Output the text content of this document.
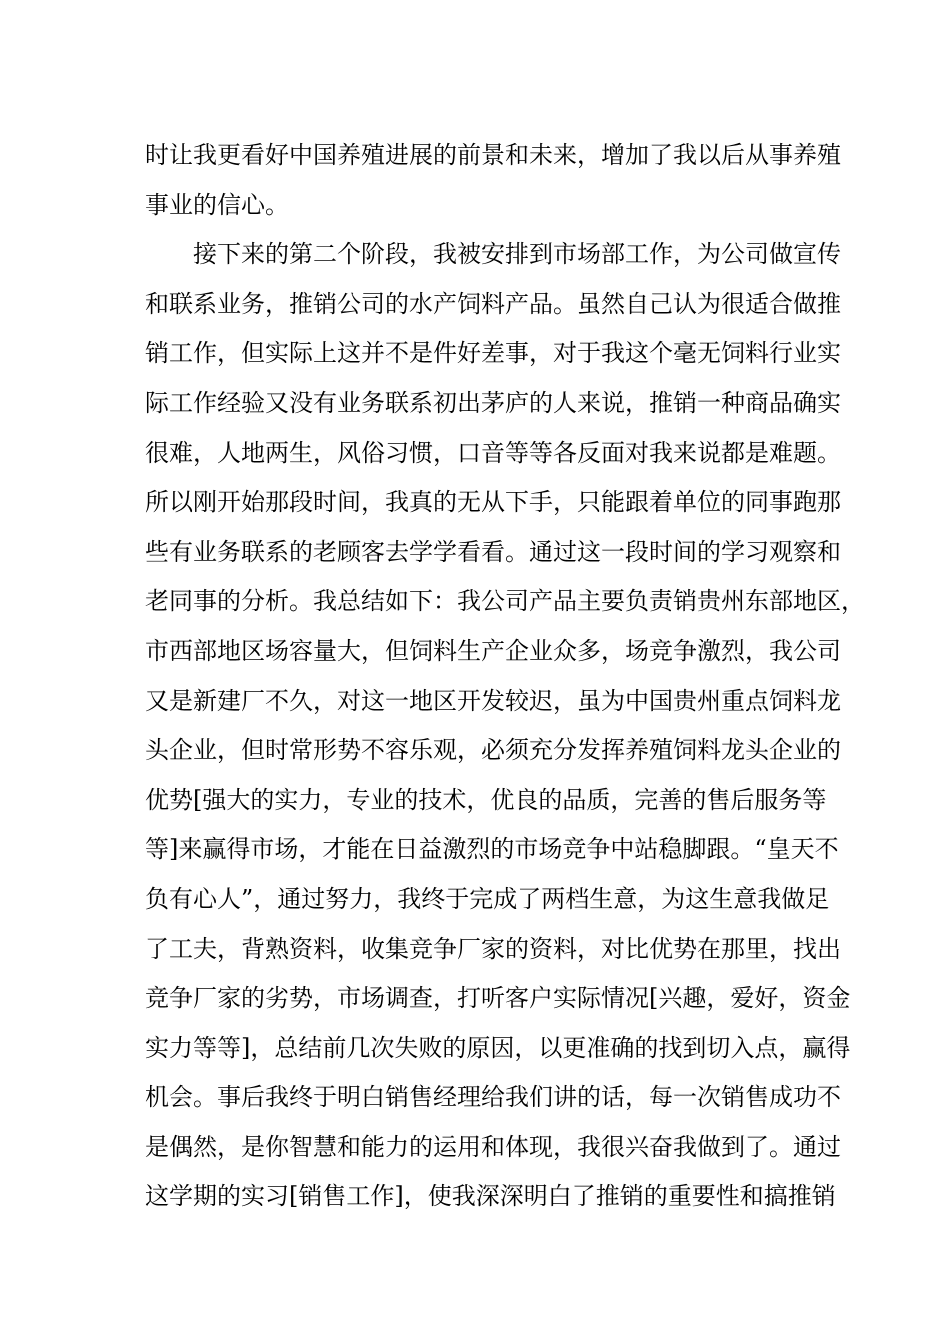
时让我更看好中国养殖进展的前景和未来，增加了我以后从事养殖
事业的信心。
接下来的第二个阶段，我被安排到市场部工作，为公司做宣传
和联系业务，推销公司的水产饲料产品。虽然自己认为很适合做推
销工作，但实际上这并不是件好差事，对于我这个毫无饲料行业实
际工作经验又没有业务联系初出茅庐的人来说，推销一种商品确实
很难，人地两生，风俗习惯，口音等等各反面对我来说都是难题。
所以刚开始那段时间，我真的无从下手，只能跟着单位的同事跑那
些有业务联系的老顾客去学学看看。通过这一段时间的学习观察和
老同事的分析。我总结如下：我公司产品主要负责销贵州东部地区，
市西部地区场容量大，但饲料生产企业众多，场竞争激烈，我公司
又是新建厂不久，对这一地区开发较迟，虽为中国贵州重点饲料龙
头企业，但时常形势不容乐观，必须充分发挥养殖饲料龙头企业的
优势[强大的实力，专业的技术，优良的品质，完善的售后服务等
等]来赢得市场，才能在日益激烈的市场竞争中站稳脚跟。“皇天不
负有心人”，通过努力，我终于完成了两档生意，为这生意我做足
了工夫，背熟资料，收集竞争厂家的资料，对比优势在那里，找出
竞争厂家的劣势，市场调查，打听客户实际情况[兴趣，爱好，资金
实力等等]，总结前几次失败的原因，以更准确的找到切入点，赢得
机会。事后我终于明白销售经理给我们讲的话，每一次销售成功不
是偶然，是你智慧和能力的运用和体现，我很兴奋我做到了。通过
这学期的实习[销售工作]，使我深深明白了推销的重要性和搞推销
